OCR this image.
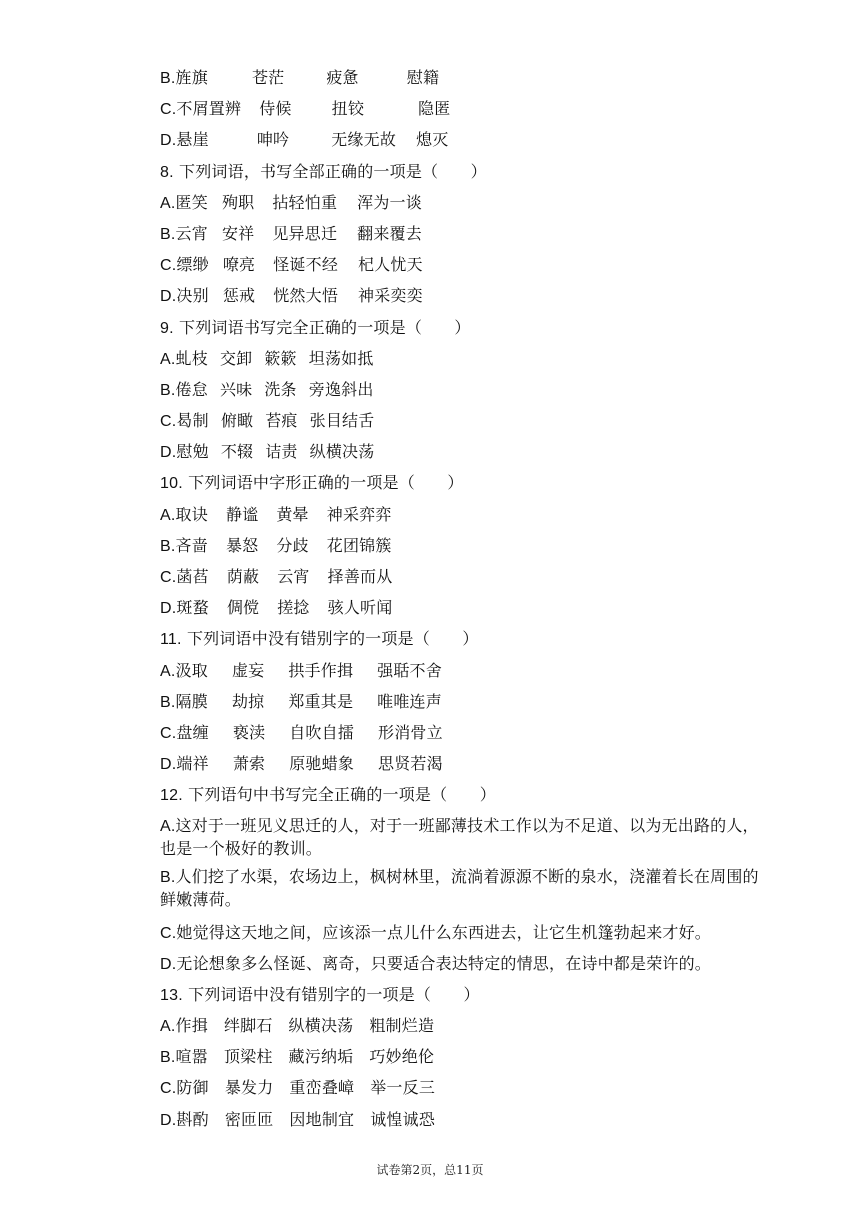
B.旌旗	苍茫	疲惫	慰籍
C.不屑置辨 侍候	扭铰	隐匿
D.悬崖	呻吟	无缘无故 熄灭
8. 下列词语，书写全部正确的一项是（　　）
A.匿笑 殉职 拈轻怕重 浑为一谈
B.云宵 安祥 见异思迁 翻来覆去
C.缥缈 嘹亮 怪诞不经 杞人忧天
D.决别 惩戒 恍然大悟 神采奕奕
9. 下列词语书写完全正确的一项是（　　）
A.虬枝 交卸 簌簌 坦荡如抵
B.倦怠 兴味 洗条 旁逸斜出
C.曷制 俯瞰 苔痕 张目结舌
D.慰勉 不辍 诘责 纵横决荡
10. 下列词语中字形正确的一项是（　　）
A.取诀 静谧 黄晕 神采弈弈
B.吝啬 暴怒 分歧 花团锦簇
C.菡萏 荫蔽 云宵 择善而从
D.斑蝥 倜傥 搓捻 骇人听闻
11. 下列词语中没有错别字的一项是（　　）
A.汲取 虚妄 拱手作揖 强聒不舍
B.隔膜 劫掠 郑重其是 唯唯连声
C.盘缠 亵渎 自吹自擂 形消骨立
D.端祥 萧索 原驰蜡象 思贤若渴
12. 下列语句中书写完全正确的一项是（　　）
A.这对于一班见义思迁的人，对于一班鄙薄技术工作以为不足道、以为无出路的人，也是一个极好的教训。
B.人们挖了水渠，农场边上，枫树林里，流淌着源源不断的泉水，浇灌着长在周围的鲜嫩薄荷。
C.她觉得这天地之间，应该添一点儿什么东西进去，让它生机篷勃起来才好。
D.无论想象多么怪诞、离奇，只要适合表达特定的情思，在诗中都是荣许的。
13. 下列词语中没有错别字的一项是（　　）
A.作揖 绊脚石 纵横决荡 粗制烂造
B.喧嚣 顶梁柱 藏污纳垢 巧妙绝伦
C.防御 暴发力 重峦叠嶂 举一反三
D.斟酌 密匝匝 因地制宜 诚惶诚恐
试卷第2页，总11页
